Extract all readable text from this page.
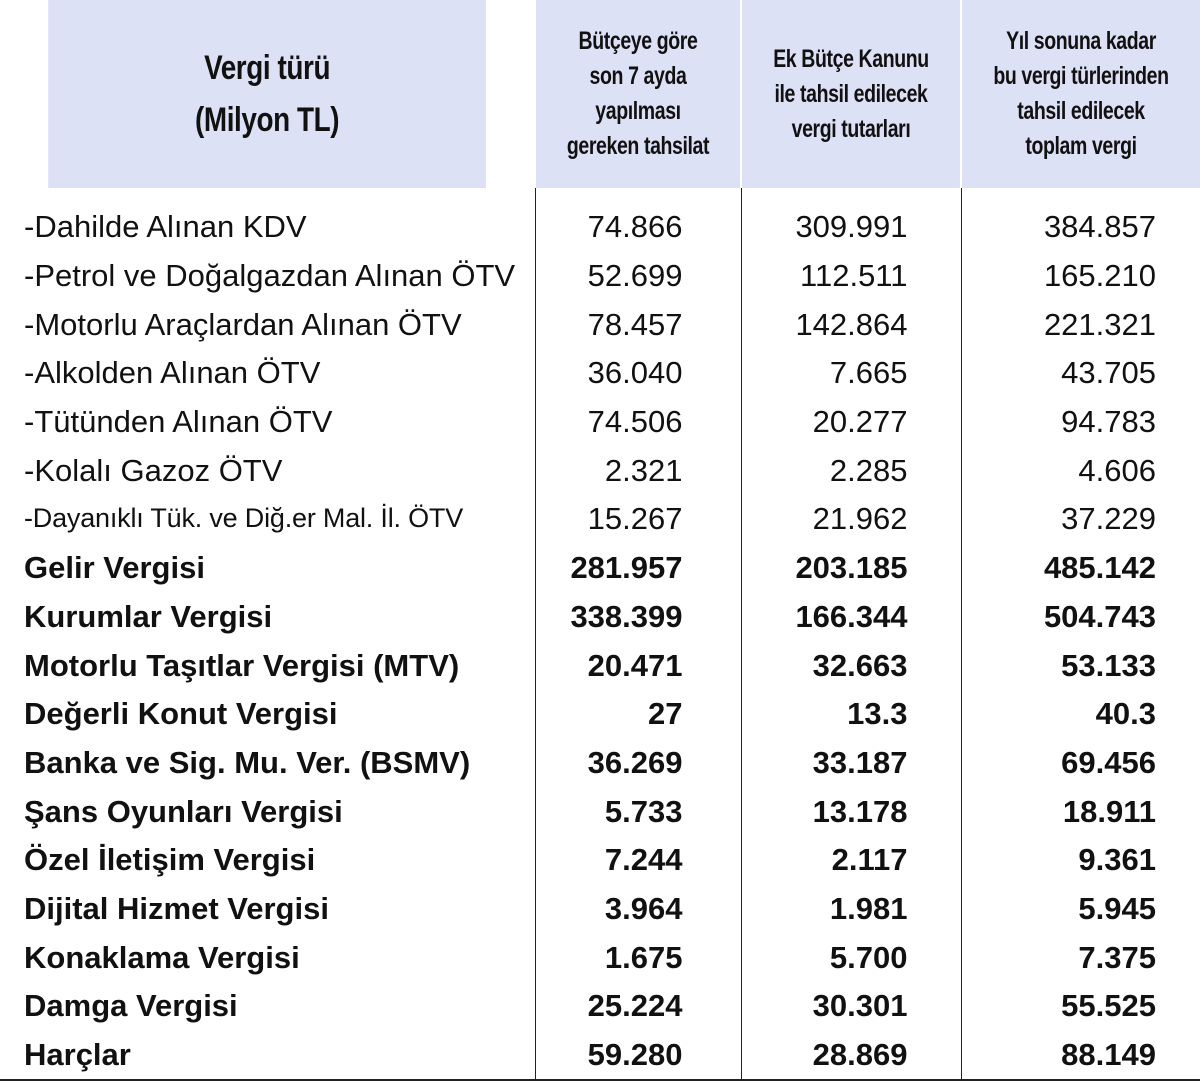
Vergi türü
(Milyon TL)	Bütçeye göre son 7 ayda yapılması gereken tahsilat	Ek Bütçe Kanunu ile tahsil edilecek vergi tutarları	Yıl sonuna kadar bu vergi türlerinden tahsil edilecek toplam vergi
-Dahilde Alınan KDV	74.866	309.991	384.857
-Petrol ve Doğalgazdan Alınan ÖTV	52.699	112.511	165.210
-Motorlu Araçlardan Alınan ÖTV	78.457	142.864	221.321
-Alkolden Alınan ÖTV	36.040	7.665	43.705
-Tütünden Alınan ÖTV	74.506	20.277	94.783
-Kolalı Gazoz ÖTV	2.321	2.285	4.606
-Dayanıklı Tük. ve Diğ.er Mal. İl. ÖTV	15.267	21.962	37.229
Gelir Vergisi	281.957	203.185	485.142
Kurumlar Vergisi	338.399	166.344	504.743
Motorlu Taşıtlar Vergisi (MTV)	20.471	32.663	53.133
Değerli Konut Vergisi	27	13.3	40.3
Banka ve Sig. Mu. Ver. (BSMV)	36.269	33.187	69.456
Şans Oyunları Vergisi	5.733	13.178	18.911
Özel İletişim Vergisi	7.244	2.117	9.361
Dijital Hizmet Vergisi	3.964	1.981	5.945
Konaklama Vergisi	1.675	5.700	7.375
Damga Vergisi	25.224	30.301	55.525
Harçlar	59.280	28.869	88.149
